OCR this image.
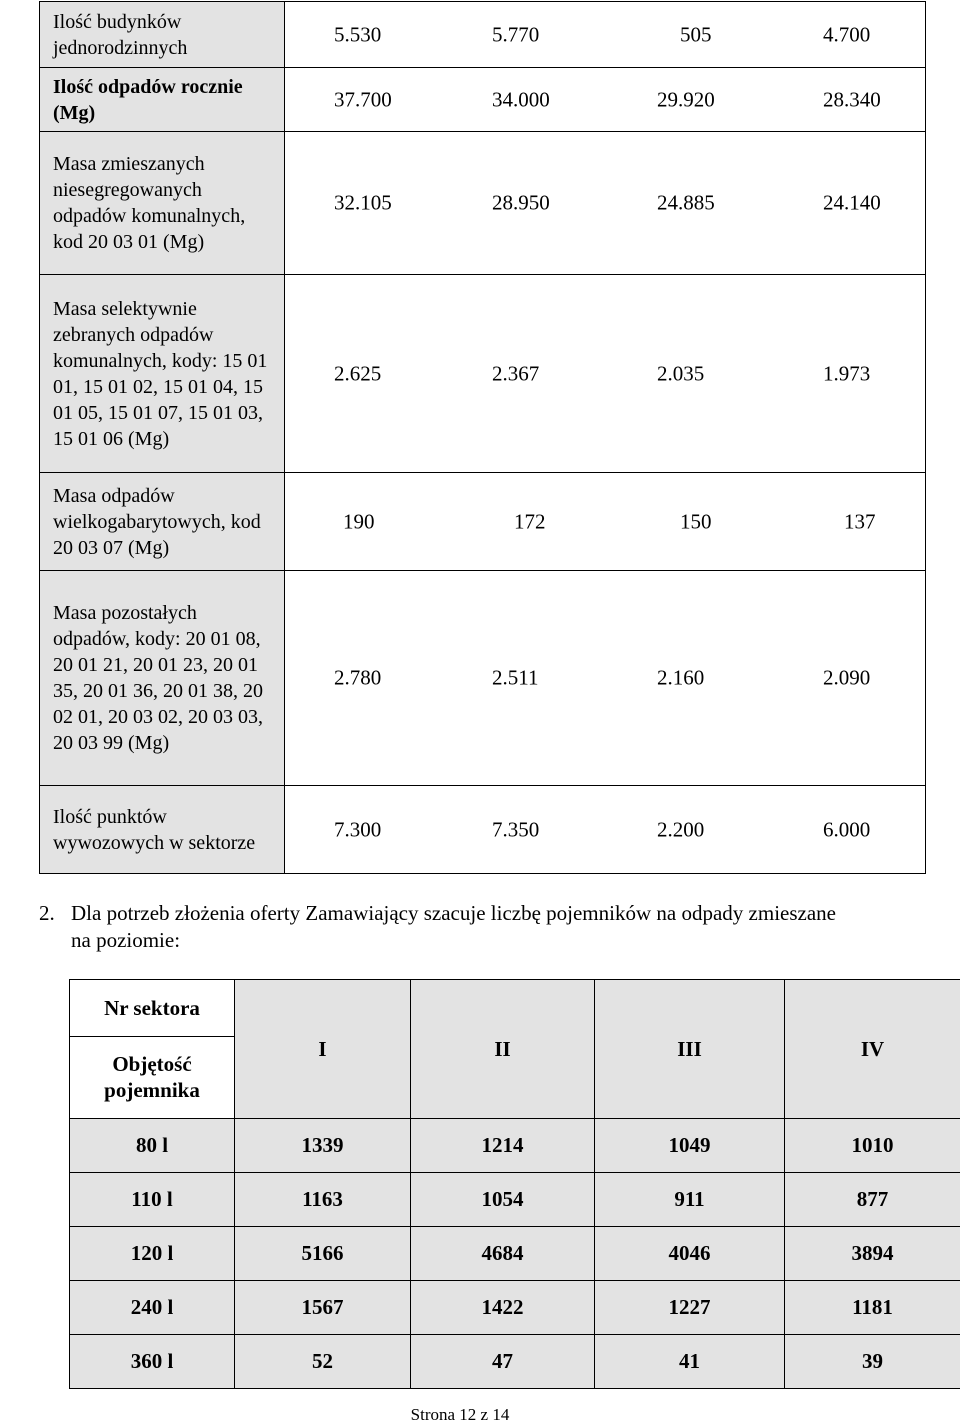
Ilość budynków jednorodzinnych	5.530 5.770 505 4.700

Ilość odpadów rocznie (Mg)	37.700 34.000 29.920 28.340

Masa zmieszanych niesegregowanych odpadów komunalnych, kod 20 03 01 (Mg)	32.105 28.950 24.885 24.140

Masa selektywnie zebranych odpadów komunalnych, kody: 15 01 01, 15 01 02, 15 01 04, 15 01 05, 15 01 07, 15 01 03, 15 01 06 (Mg)	2.625 2.367 2.035 1.973

Masa odpadów wielkogabarytowych, kod 20 03 07 (Mg)	190 172 150 137

Masa pozostałych odpadów, kody: 20 01 08, 20 01 21, 20 01 23, 20 01 35, 20 01 36, 20 01 38, 20 02 01, 20 03 02, 20 03 03, 20 03 99 (Mg)	2.780 2.511 2.160 2.090

Ilość punktów wywozowych w sektorze	7.300 7.350 2.200 6.000
2. Dla potrzeb złożenia oferty Zamawiający szacuje liczbę pojemników na odpady zmieszane
na poziomie:
Nr sektora
Objętość
pojemnika	I	II	III	IV
80 l	1339	1214	1049	1010
110 l	1163	1054	911	877
120 l	5166	4684	4046	3894
240 l	1567	1422	1227	1181
360 l	52	47	41	39
Strona 12 z 14
